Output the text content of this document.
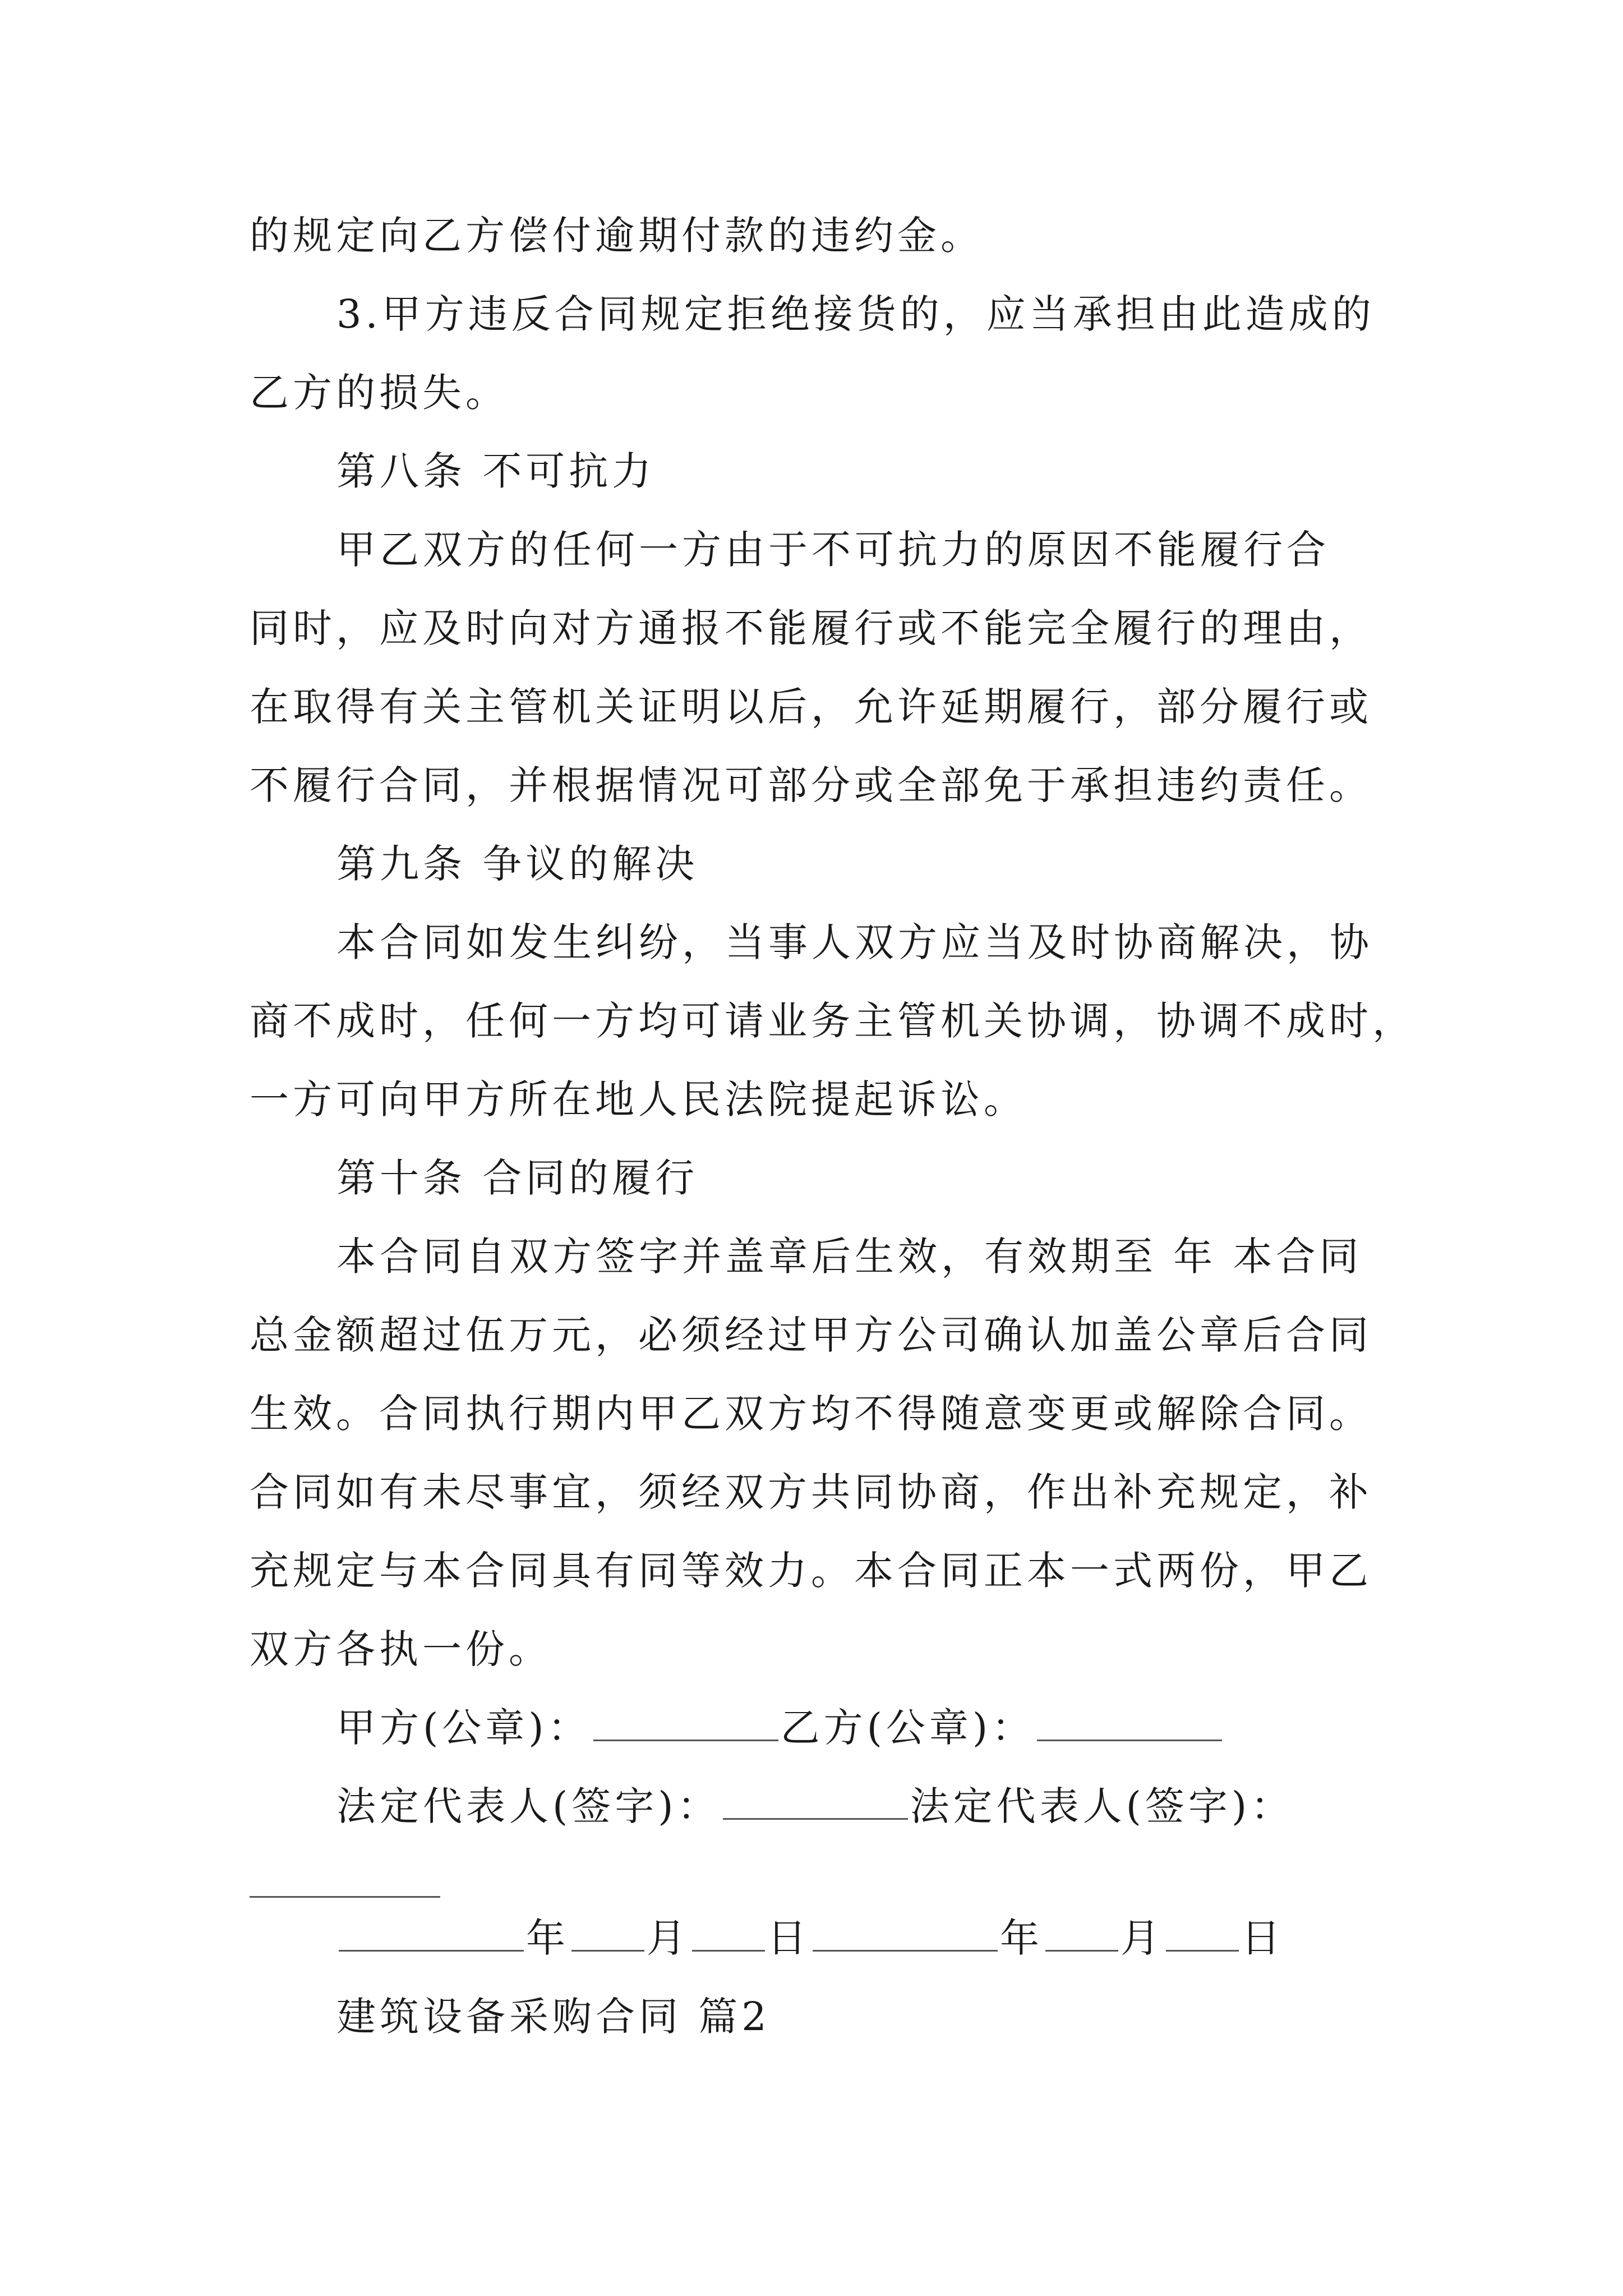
的规定向乙方偿付逾期付款的违约金。
3.甲方违反合同规定拒绝接货的，应当承担由此造成的
乙方的损失。
第八条 不可抗力
甲乙双方的任何一方由于不可抗力的原因不能履行合
同时，应及时向对方通报不能履行或不能完全履行的理由，
在取得有关主管机关证明以后，允许延期履行，部分履行或
不履行合同，并根据情况可部分或全部免于承担违约责任。
第九条 争议的解决
本合同如发生纠纷，当事人双方应当及时协商解决，协
商不成时，任何一方均可请业务主管机关协调，协调不成时，
一方可向甲方所在地人民法院提起诉讼。
第十条 合同的履行
本合同自双方签字并盖章后生效，有效期至 年 本合同
总金额超过伍万元，必须经过甲方公司确认加盖公章后合同
生效。合同执行期内甲乙双方均不得随意变更或解除合同。
合同如有未尽事宜，须经双方共同协商，作出补充规定，补
充规定与本合同具有同等效力。本合同正本一式两份，甲乙
双方各执一份。
甲方(公章)：	乙方(公章)：
法定代表人(签字)：	法定代表人(签字)：
年 月 日	年 月 日
建筑设备采购合同 篇2
